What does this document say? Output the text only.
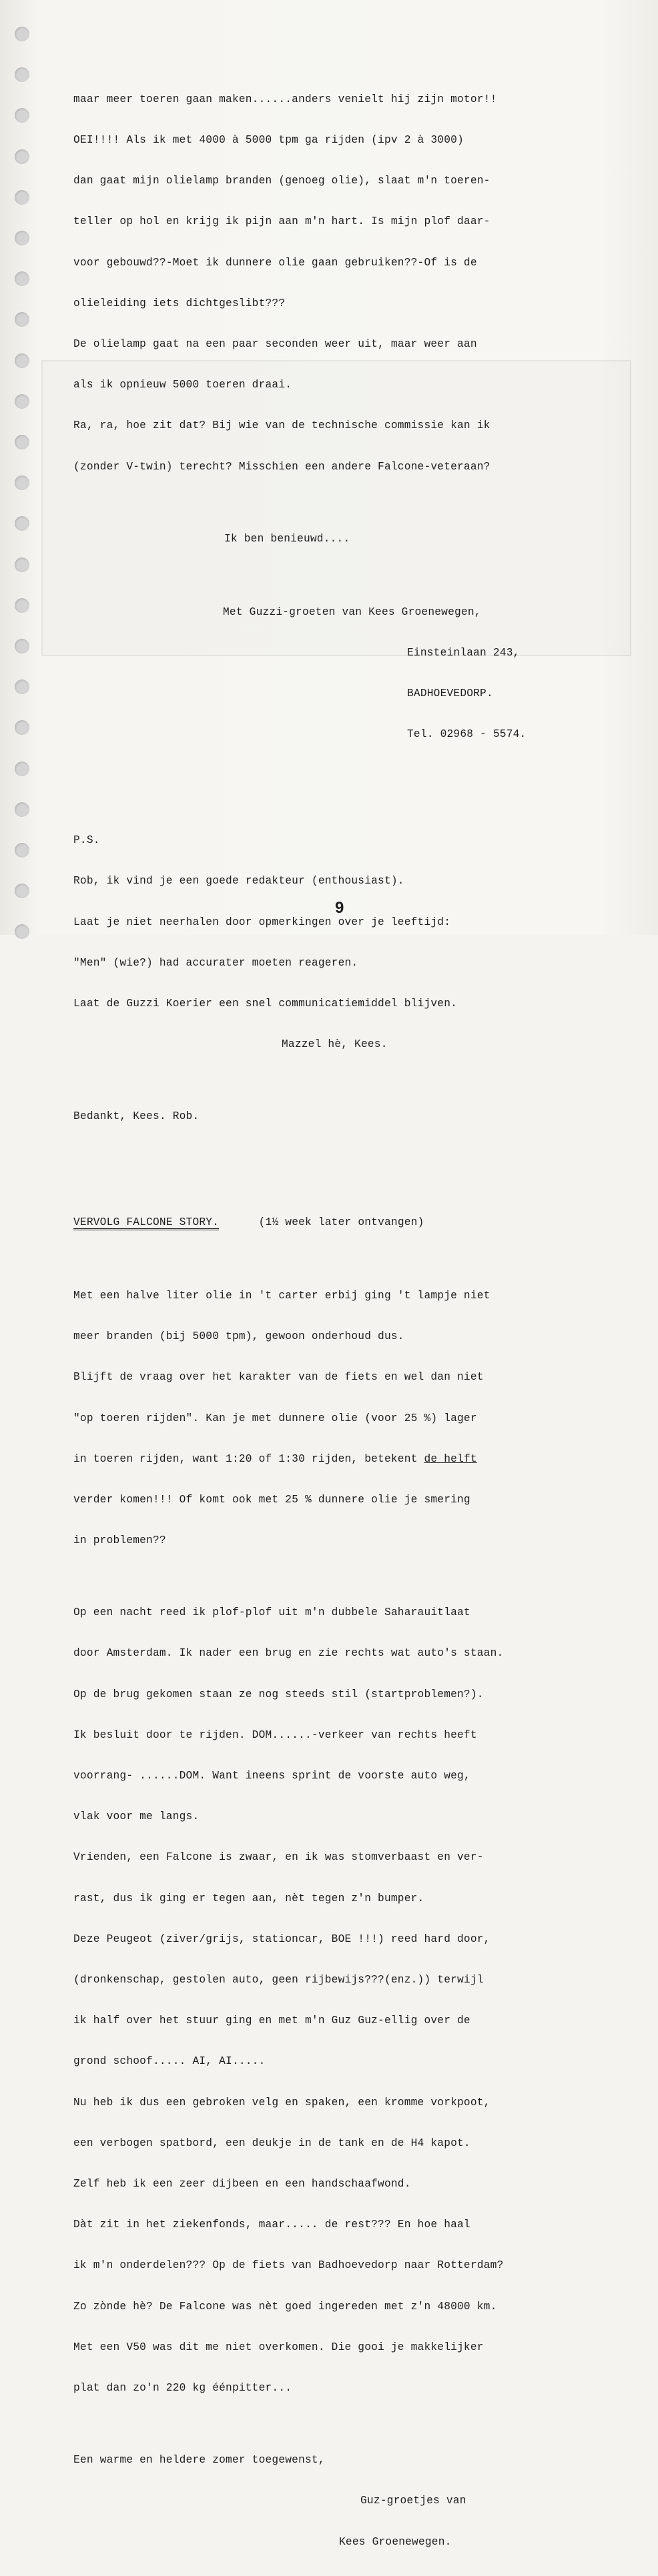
maar meer toeren gaan maken......anders venielt hij zijn motor!!

OEI!!!! Als ik met 4000 à 5000 tpm ga rijden (ipv 2 à 3000)

dan gaat mijn olielamp branden (genoeg olie), slaat m'n toeren-

teller op hol en krijg ik pijn aan m'n hart. Is mijn plof daar-

voor gebouwd??-Moet ik dunnere olie gaan gebruiken??-Of is de

olieleiding iets dichtgeslibt???

De olielamp gaat na een paar seconden weer uit, maar weer aan

als ik opnieuw 5000 toeren draai.

Ra, ra, hoe zit dat? Bij wie van de technische commissie kan ik

(zonder V-twin) terecht? Misschien een andere Falcone-veteraan?

Ik ben benieuwd....

Met Guzzi-groeten van Kees Groenewegen,

Einsteinlaan 243,

BADHOEVEDORP.

Tel. 02968 - 5574.

P.S.

Rob, ik vind je een goede redakteur (enthousiast).

Laat je niet neerhalen door opmerkingen over je leeftijd:

"Men" (wie?) had accurater moeten reageren.

Laat de Guzzi Koerier een snel communicatiemiddel blijven.

Mazzel hè, Kees.

Bedankt, Kees. Rob.

VERVOLG FALCONE STORY.	(1½ week later ontvangen)

Met een halve liter olie in 't carter erbij ging 't lampje niet

meer branden (bij 5000 tpm), gewoon onderhoud dus.

Blijft de vraag over het karakter van de fiets en wel dan niet

"op toeren rijden". Kan je met dunnere olie (voor 25 %) lager

in toeren rijden, want 1:20 of 1:30 rijden, betekent de helft

verder komen!!! Of komt ook met 25 % dunnere olie je smering

in problemen??

Op een nacht reed ik plof-plof uit m'n dubbele Saharauitlaat

door Amsterdam. Ik nader een brug en zie rechts wat auto's staan.

Op de brug gekomen staan ze nog steeds stil (startproblemen?).

Ik besluit door te rijden. DOM......-verkeer van rechts heeft

voorrang- ......DOM. Want ineens sprint de voorste auto weg,

vlak voor me langs.

Vrienden, een Falcone is zwaar, en ik was stomverbaast en ver-

rast, dus ik ging er tegen aan, nèt tegen z'n bumper.

Deze Peugeot (ziver/grijs, stationcar, BOE !!!) reed hard door,

(dronkenschap, gestolen auto, geen rijbewijs???(enz.)) terwijl

ik half over het stuur ging en met m'n Guz Guz-ellig over de

grond schoof..... AI, AI.....

Nu heb ik dus een gebroken velg en spaken, een kromme vorkpoot,

een verbogen spatbord, een deukje in de tank en de H4 kapot.

Zelf heb ik een zeer dijbeen en een handschaafwond.

Dàt zit in het ziekenfonds, maar..... de rest??? En hoe haal

ik m'n onderdelen??? Op de fiets van Badhoevedorp naar Rotterdam?

Zo zònde hè? De Falcone was nèt goed ingereden met z'n 48000 km.

Met een V50 was dit me niet overkomen. Die gooi je makkelijker

plat dan zo'n 220 kg éénpitter...

Een warme en heldere zomer toegewenst,

Guz-groetjes van

Kees Groenewegen.

9
